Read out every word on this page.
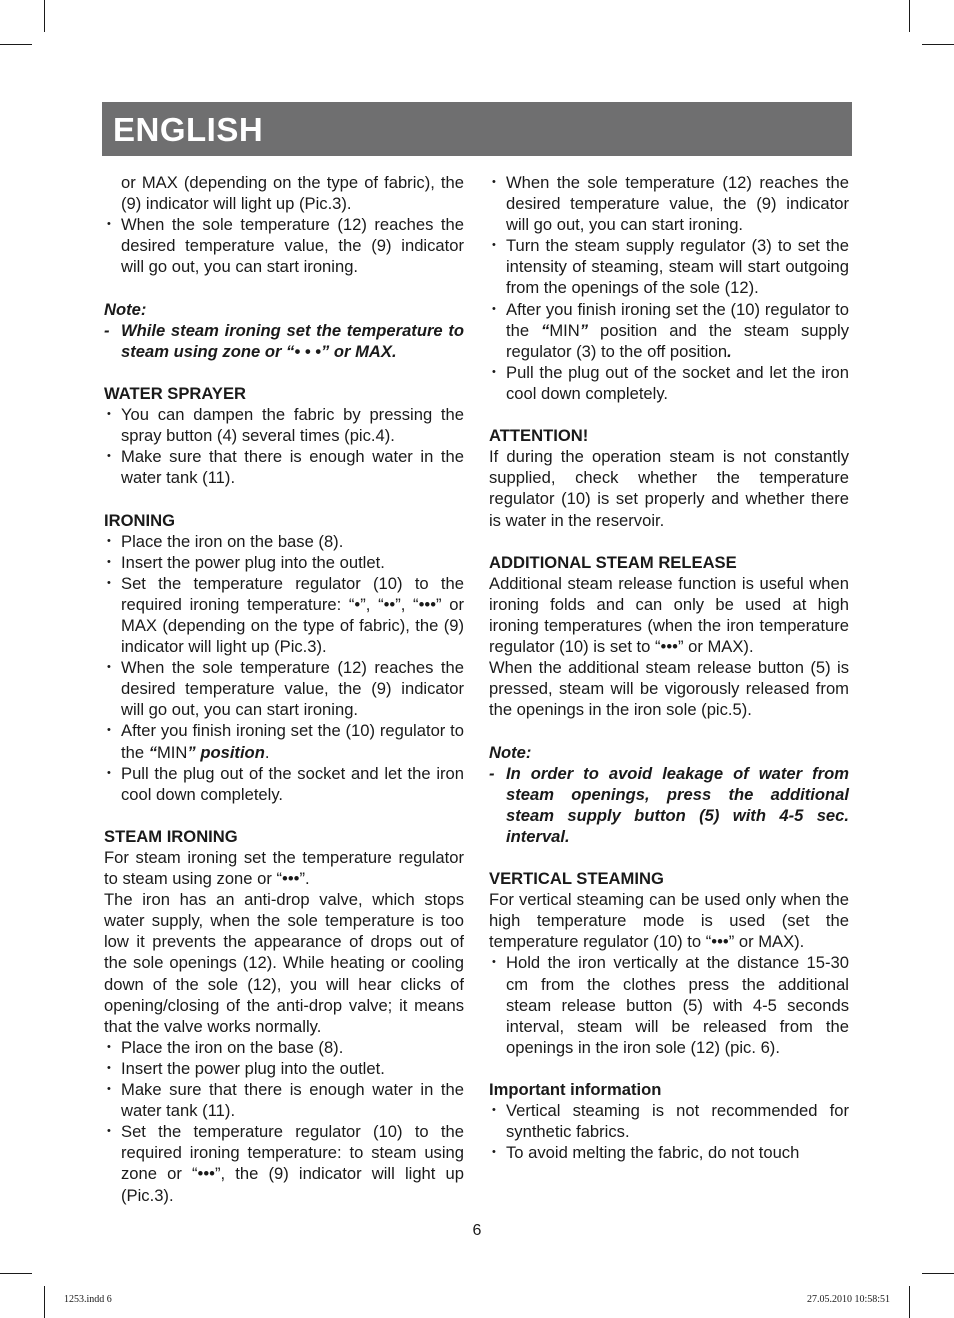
ENGLISH
or MAX (depending on the type of fabric), the (9) indicator will light up (Pic.3).
• When the sole temperature (12) reaches the desired temperature value, the (9) indicator will go out, you can start ironing.
Note:
- While steam ironing set the temperature to steam using zone or “• • •” or MAX.
WATER SPRAYER
• You can dampen the fabric by pressing the spray button (4) several times (pic.4).
• Make sure that there is enough water in the water tank (11).
IRONING
• Place the iron on the base (8).
• Insert the power plug into the outlet.
• Set the temperature regulator (10) to the required ironing temperature: “•”, “••”, “•••” or MAX (depending on the type of fabric), the (9) indicator will light up (Pic.3).
• When the sole temperature (12) reaches the desired temperature value, the (9) indicator will go out, you can start ironing.
• After you finish ironing set the (10) regulator to the “MIN” position.
• Pull the plug out of the socket and let the iron cool down completely.
STEAM IRONING
For steam ironing set the temperature regulator to steam using zone or “•••”.
The iron has an anti-drop valve, which stops water supply, when the sole temperature is too low it prevents the appearance of drops out of the sole openings (12). While heating or cooling down of the sole (12), you will hear clicks of opening/closing of the anti-drop valve; it means that the valve works normally.
• Place the iron on the base (8).
• Insert the power plug into the outlet.
• Make sure that there is enough water in the water tank (11).
• Set the temperature regulator (10) to the required ironing temperature: to steam using zone or “•••”, the (9) indicator will light up (Pic.3).
• When the sole temperature (12) reaches the desired temperature value, the (9) indicator will go out, you can start ironing.
• Turn the steam supply regulator (3) to set the intensity of steaming, steam will start outgoing from the openings of the sole (12).
• After you finish ironing set the (10) regulator to the “MIN” position and the steam supply regulator (3) to the off position.
• Pull the plug out of the socket and let the iron cool down completely.
ATTENTION!
If during the operation steam is not constantly supplied, check whether the temperature regulator (10) is set properly and whether there is water in the reservoir.
ADDITIONAL STEAM RELEASE
Additional steam release function is useful when ironing folds and can only be used at high ironing temperatures (when the iron temperature regulator (10) is set to “•••” or MAX).
When the additional steam release button (5) is pressed, steam will be vigorously released from the openings in the iron sole (pic.5).
Note:
- In order to avoid leakage of water from steam openings, press the additional steam supply button (5) with 4-5 sec. interval.
VERTICAL STEAMING
For vertical steaming can be used only when the high temperature mode is used (set the temperature regulator (10) to “•••” or MAX).
• Hold the iron vertically at the distance 15-30 cm from the clothes press the additional steam release button (5) with 4-5 seconds interval, steam will be released from the openings in the iron sole (12) (pic. 6).
Important information
• Vertical steaming is not recommended for synthetic fabrics.
• To avoid melting the fabric, do not touch
6
1253.indd 6	27.05.2010 10:58:51
